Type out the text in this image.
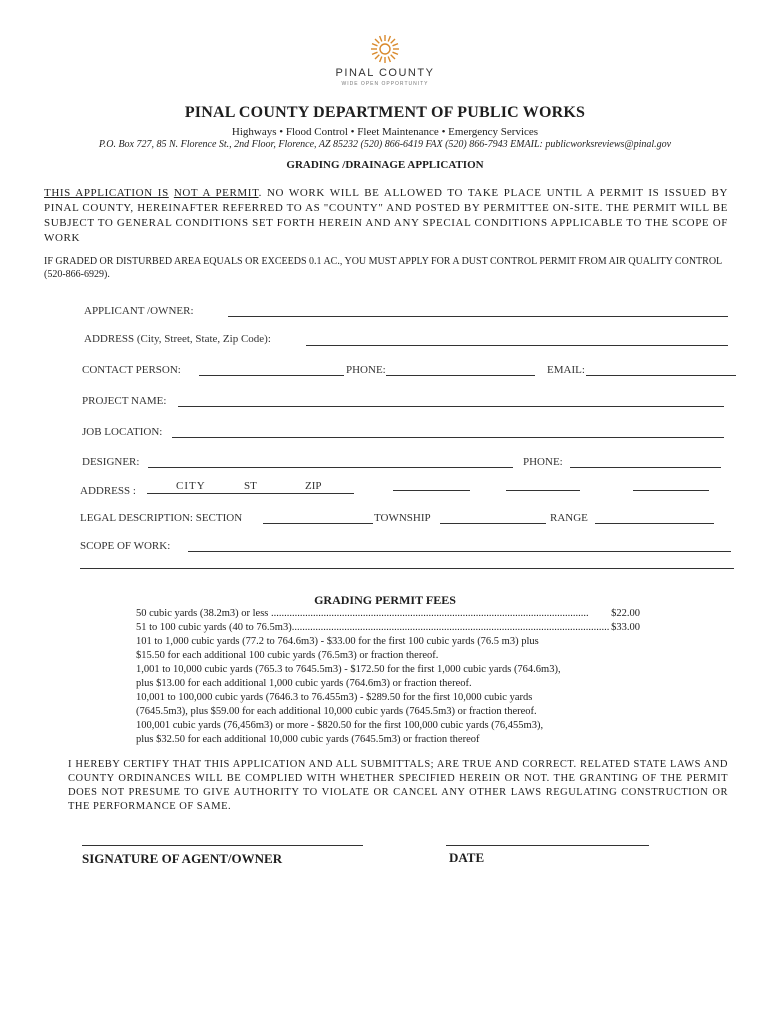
PINAL COUNTY
WIDE OPEN OPPORTUNITY
PINAL COUNTY DEPARTMENT OF PUBLIC WORKS
Highways • Flood Control • Fleet Maintenance • Emergency Services
P.O. Box 727, 85 N. Florence St., 2nd Floor, Florence, AZ 85232 (520) 866-6419 FAX (520) 866-7943 EMAIL: publicworksreviews@pinal.gov
GRADING /DRAINAGE APPLICATION
THIS APPLICATION IS NOT A PERMIT. NO WORK WILL BE ALLOWED TO TAKE PLACE UNTIL A PERMIT IS ISSUED BY PINAL COUNTY, HEREINAFTER REFERRED TO AS "COUNTY" AND POSTED BY PERMITTEE ON-SITE. THE PERMIT WILL BE SUBJECT TO GENERAL CONDITIONS SET FORTH HEREIN AND ANY SPECIAL CONDITIONS APPLICABLE TO THE SCOPE OF WORK
IF GRADED OR DISTURBED AREA EQUALS OR EXCEEDS 0.1 AC., YOU MUST APPLY FOR A DUST CONTROL PERMIT FROM AIR QUALITY CONTROL (520-866-6929).
APPLICANT /OWNER:
ADDRESS (City, Street, State, Zip Code):
CONTACT PERSON:	PHONE:	EMAIL:
PROJECT NAME:
JOB LOCATION:
DESIGNER:	PHONE:
ADDRESS :	CITY	ST	ZIP
LEGAL DESCRIPTION: SECTION	TOWNSHIP	RANGE
SCOPE OF WORK:
GRADING PERMIT FEES
50 cubic yards (38.2m3) or less .........................................................................................................................	$22.00
51 to 100 cubic yards (40 to 76.5m3) ......................................................................................................................... $33.00
101 to 1,000 cubic yards (77.2 to 764.6m3) - $33.00 for the first 100 cubic yards (76.5 m3) plus
$15.50 for each additional 100 cubic yards (76.5m3) or fraction thereof.
1,001 to 10,000 cubic yards (765.3 to 7645.5m3) - $172.50 for the first 1,000 cubic yards (764.6m3),
plus $13.00 for each additional 1,000 cubic yards (764.6m3) or fraction thereof.
10,001 to 100,000 cubic yards (7646.3 to 76.455m3) - $289.50 for the first 10,000 cubic yards
(7645.5m3), plus $59.00 for each additional 10,000 cubic yards (7645.5m3) or fraction thereof.
100,001 cubic yards (76,456m3) or more - $820.50 for the first 100,000 cubic yards (76,455m3),
plus $32.50 for each additional 10,000 cubic yards (7645.5m3) or fraction thereof
I HEREBY CERTIFY THAT THIS APPLICATION AND ALL SUBMITTALS; ARE TRUE AND CORRECT. RELATED STATE LAWS AND COUNTY ORDINANCES WILL BE COMPLIED WITH WHETHER SPECIFIED HEREIN OR NOT. THE GRANTING OF THE PERMIT DOES NOT PRESUME TO GIVE AUTHORITY TO VIOLATE OR CANCEL ANY OTHER LAWS REGULATING CONSTRUCTION OR THE PERFORMANCE OF SAME.
SIGNATURE OF AGENT/OWNER	DATE
